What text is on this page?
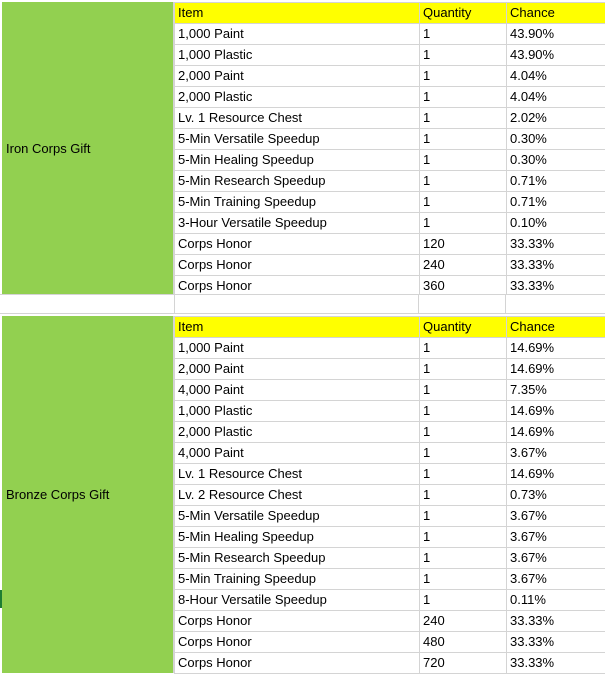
Iron Corps Gift
Item	Quantity	Chance
1,000 Paint	1	43.90%
1,000 Plastic	1	43.90%
2,000 Paint	1	4.04%
2,000 Plastic	1	4.04%
Lv. 1 Resource Chest	1	2.02%
5-Min Versatile Speedup	1	0.30%
5-Min Healing Speedup	1	0.30%
5-Min Research Speedup	1	0.71%
5-Min Training Speedup	1	0.71%
3-Hour Versatile Speedup	1	0.10%
Corps Honor	120	33.33%
Corps Honor	240	33.33%
Corps Honor	360	33.33%
Bronze Corps Gift
Item	Quantity	Chance
1,000 Paint	1	14.69%
2,000 Paint	1	14.69%
4,000 Paint	1	7.35%
1,000 Plastic	1	14.69%
2,000 Plastic	1	14.69%
4,000 Paint	1	3.67%
Lv. 1 Resource Chest	1	14.69%
Lv. 2 Resource Chest	1	0.73%
5-Min Versatile Speedup	1	3.67%
5-Min Healing Speedup	1	3.67%
5-Min Research Speedup	1	3.67%
5-Min Training Speedup	1	3.67%
8-Hour Versatile Speedup	1	0.11%
Corps Honor	240	33.33%
Corps Honor	480	33.33%
Corps Honor	720	33.33%
